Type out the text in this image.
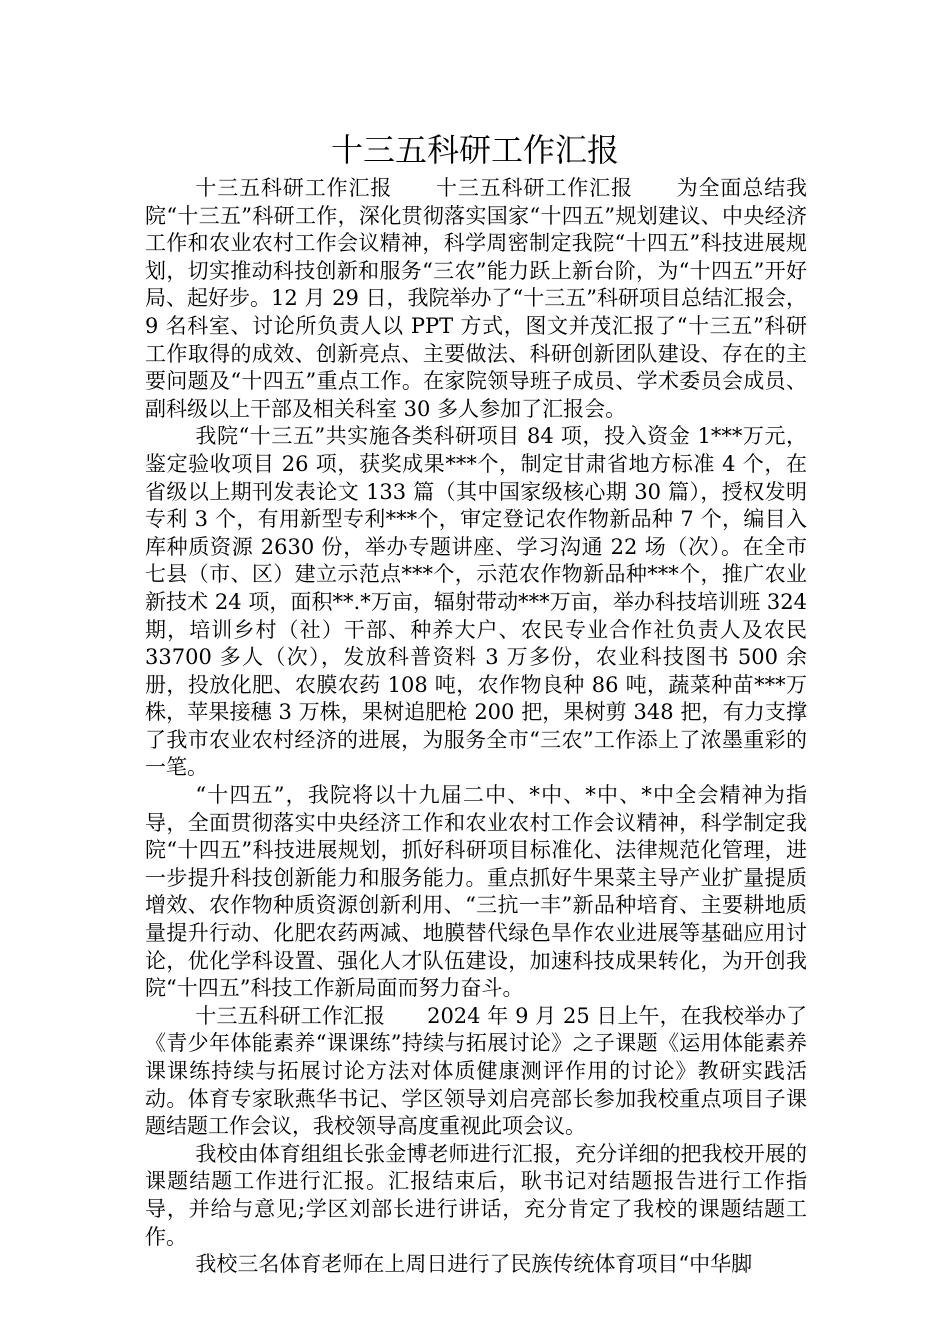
十三五科研工作汇报

十三五科研工作汇报　　十三五科研工作汇报　　为全面总结我院“十三五”科研工作，深化贯彻落实国家“十四五”规划建议、中央经济工作和农业农村工作会议精神，科学周密制定我院“十四五”科技进展规划，切实推动科技创新和服务“三农”能力跃上新台阶，为“十四五”开好局、起好步。12 月 29 日，我院举办了“十三五”科研项目总结汇报会，9 名科室、讨论所负责人以 PPT 方式，图文并茂汇报了“十三五”科研工作取得的成效、创新亮点、主要做法、科研创新团队建设、存在的主要问题及“十四五”重点工作。在家院领导班子成员、学术委员会成员、副科级以上干部及相关科室 30 多人参加了汇报会。

我院“十三五”共实施各类科研项目 84 项，投入资金 1***万元，鉴定验收项目 26 项，获奖成果***个，制定甘肃省地方标准 4 个，在省级以上期刊发表论文 133 篇（其中国家级核心期 30 篇），授权发明专利 3 个，有用新型专利***个，审定登记农作物新品种 7 个，编目入库种质资源 2630 份，举办专题讲座、学习沟通 22 场（次）。在全市七县（市、区）建立示范点***个，示范农作物新品种***个，推广农业新技术 24 项，面积**.*万亩，辐射带动***万亩，举办科技培训班 324 期，培训乡村（社）干部、种养大户、农民专业合作社负责人及农民 33700 多人（次），发放科普资料 3 万多份，农业科技图书 500 余册，投放化肥、农膜农药 108 吨，农作物良种 86 吨，蔬菜种苗***万株，苹果接穗 3 万株，果树追肥枪 200 把，果树剪 348 把，有力支撑了我市农业农村经济的进展，为服务全市“三农”工作添上了浓墨重彩的一笔。

“十四五”，我院将以十九届二中、*中、*中、*中全会精神为指导，全面贯彻落实中央经济工作和农业农村工作会议精神，科学制定我院“十四五”科技进展规划，抓好科研项目标准化、法律规范化管理，进一步提升科技创新能力和服务能力。重点抓好牛果菜主导产业扩量提质增效、农作物种质资源创新利用、“三抗一丰”新品种培育、主要耕地质量提升行动、化肥农药两减、地膜替代绿色旱作农业进展等基础应用讨论，优化学科设置、强化人才队伍建设，加速科技成果转化，为开创我院“十四五”科技工作新局面而努力奋斗。

十三五科研工作汇报　　2024 年 9 月 25 日上午，在我校举办了《青少年体能素养“课课练”持续与拓展讨论》之子课题《运用体能素养课课练持续与拓展讨论方法对体质健康测评作用的讨论》教研实践活动。体育专家耿燕华书记、学区领导刘启亮部长参加我校重点项目子课题结题工作会议，我校领导高度重视此项会议。

我校由体育组组长张金博老师进行汇报，充分详细的把我校开展的课题结题工作进行汇报。汇报结束后，耿书记对结题报告进行工作指导，并给与意见;学区刘部长进行讲话，充分肯定了我校的课题结题工作。

我校三名体育老师在上周日进行了民族传统体育项目“中华脚
